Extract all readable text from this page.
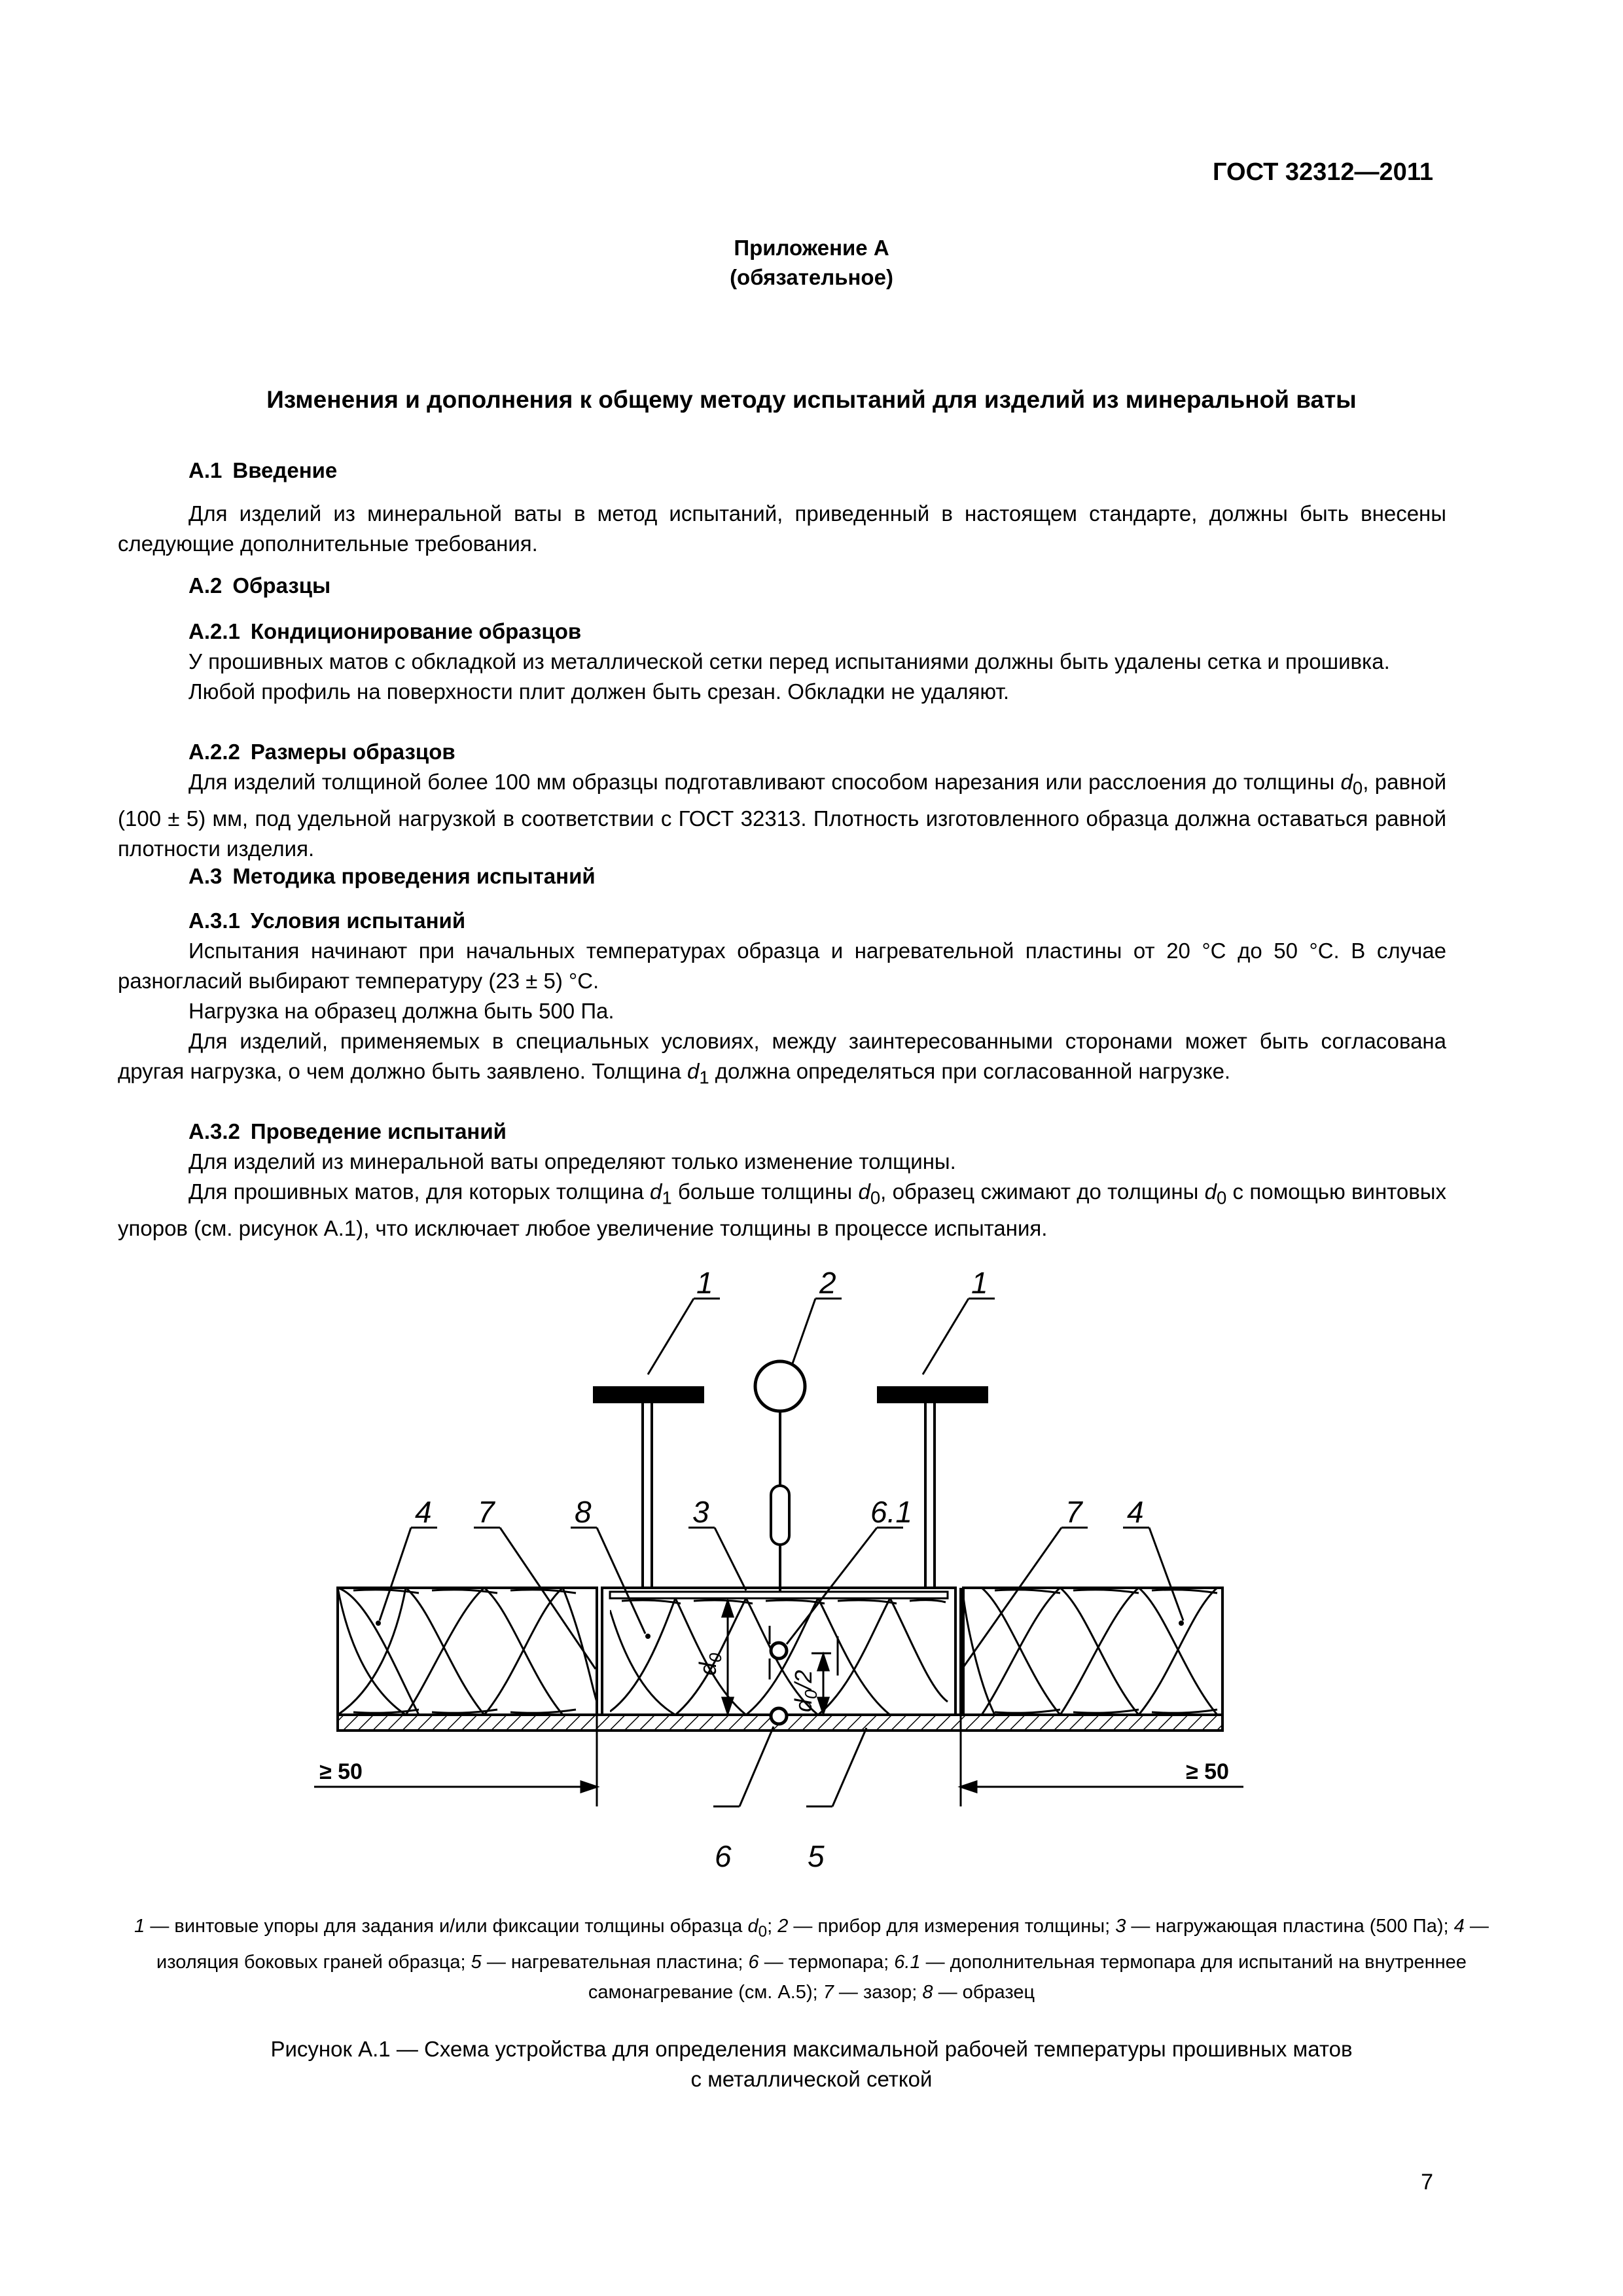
ГОСТ 32312—2011
Приложение А
(обязательное)
Изменения и дополнения к общему методу испытаний для изделий из минеральной ваты
А.1 Введение

Для изделий из минеральной ваты в метод испытаний, приведенный в настоящем стандарте, должны быть внесены следующие дополнительные требования.

А.2 Образцы
А.2.1 Кондиционирование образцов

У прошивных матов с обкладкой из металлической сетки перед испытаниями должны быть удалены сетка и прошивка.

Любой профиль на поверхности плит должен быть срезан. Обкладки не удаляют.

А.2.2 Размеры образцов

Для изделий толщиной более 100 мм образцы подготавливают способом нарезания или расслоения до толщины $d_0$, равной (100 ± 5) мм, под удельной нагрузкой в соответствии с ГОСТ 32313. Плотность изготовленного образца должна оставаться равной плотности изделия.

А.3 Методика проведения испытаний
А.3.1 Условия испытаний

Испытания начинают при начальных температурах образца и нагревательной пластины от 20 °С до 50 °С. В случае разногласий выбирают температуру (23 ± 5) °С.

Нагрузка на образец должна быть 500 Па.

Для изделий, применяемых в специальных условиях, между заинтересованными сторонами может быть согласована другая нагрузка, о чем должно быть заявлено. Толщина $d_1$ должна определяться при согласованной нагрузке.

А.3.2 Проведение испытаний

Для изделий из минеральной ваты определяют только изменение толщины.

Для прошивных матов, для которых толщина $d_1$ больше толщины $d_0$, образец сжимают до толщины $d_0$ с помощью винтовых упоров (см. рисунок А.1), что исключает любое увеличение толщины в процессе испытания.

$d_0$
$d_0/2$
≥ 50	≥ 50
1	2	1
4 7	8	3	6.1	7 4
6	5
1 — винтовые упоры для задания и/или фиксации толщины образца $d_0$; 2 — прибор для измерения толщины; 3 — нагружающая пластина (500 Па); 4 — изоляция боковых граней образца; 5 — нагревательная пластина; 6 — термопара; 6.1 — дополнительная термопара для испытаний на внутреннее самонагревание (см. А.5); 7 — зазор; 8 — образец
Рисунок А.1 — Схема устройства для определения максимальной рабочей температуры прошивных матов
с металлической сеткой
7
